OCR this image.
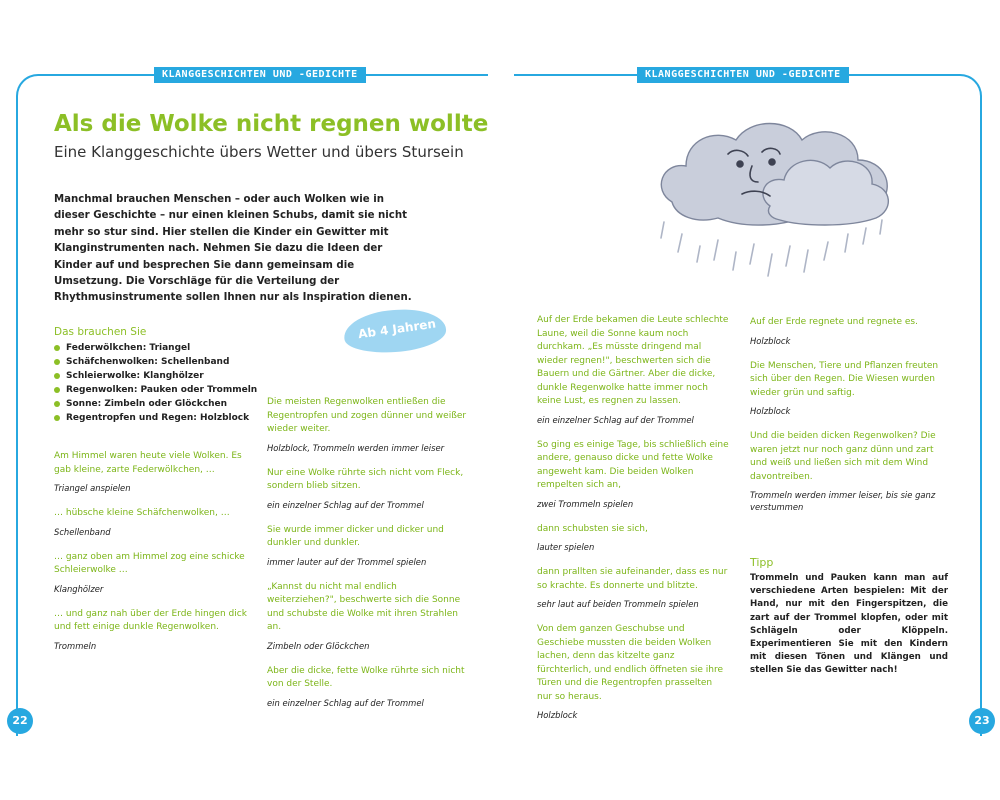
KLANGGESCHICHTEN UND -GEDICHTE	KLANGGESCHICHTEN UND -GEDICHTE
22	23
Als die Wolke nicht regnen wollte
Eine Klanggeschichte übers Wetter und übers Stursein
Manchmal brauchen Menschen – oder auch Wolken wie in dieser Geschichte – nur einen kleinen Schubs, damit sie nicht mehr so stur sind. Hier stellen die Kinder ein Gewitter mit Klanginstrumenten nach. Nehmen Sie dazu die Ideen der Kinder auf und besprechen Sie dann gemeinsam die Umsetzung. Die Vorschläge für die Verteilung der Rhythmusinstrumente sollen Ihnen nur als Inspiration dienen.
Das brauchen Sie
Federwölkchen: Triangel
Schäfchenwolken: Schellenband
Schleierwolke: Klanghölzer
Regenwolken: Pauken oder Trommeln
Sonne: Zimbeln oder Glöckchen
Regentropfen und Regen: Holzblock
Ab 4 Jahren

Am Himmel waren heute viele Wolken. Es gab kleine, zarte Federwölkchen, …

Triangel anspielen

… hübsche kleine Schäfchenwolken, …

Schellenband

… ganz oben am Himmel zog eine schicke Schleierwolke …

Klanghölzer

… und ganz nah über der Erde hingen dick und fett einige dunkle Regenwolken.

Trommeln

Die meisten Regenwolken entließen die Regentropfen und zogen dünner und weißer wieder weiter.

Holzblock, Trommeln werden immer leiser

Nur eine Wolke rührte sich nicht vom Fleck, sondern blieb sitzen.

ein einzelner Schlag auf der Trommel

Sie wurde immer dicker und dicker und dunkler und dunkler.

immer lauter auf der Trommel spielen

„Kannst du nicht mal endlich weiterziehen?", beschwerte sich die Sonne und schubste die Wolke mit ihren Strahlen an.

Zimbeln oder Glöckchen

Aber die dicke, fette Wolke rührte sich nicht von der Stelle.

ein einzelner Schlag auf der Trommel

Auf der Erde bekamen die Leute schlechte Laune, weil die Sonne kaum noch durchkam. „Es müsste dringend mal wieder regnen!", beschwerten sich die Bauern und die Gärtner. Aber die dicke, dunkle Regenwolke hatte immer noch keine Lust, es regnen zu lassen.

ein einzelner Schlag auf der Trommel

So ging es einige Tage, bis schließlich eine andere, genauso dicke und fette Wolke angeweht kam. Die beiden Wolken rempelten sich an,

zwei Trommeln spielen

dann schubsten sie sich,

lauter spielen

dann prallten sie aufeinander, dass es nur so krachte. Es donnerte und blitzte.

sehr laut auf beiden Trommeln spielen

Von dem ganzen Geschubse und Geschiebe mussten die beiden Wolken lachen, denn das kitzelte ganz fürchterlich, und endlich öffneten sie ihre Türen und die Regentropfen prasselten nur so heraus.

Holzblock

Auf der Erde regnete und regnete es.

Holzblock

Die Menschen, Tiere und Pflanzen freuten sich über den Regen. Die Wiesen wurden wieder grün und saftig.

Holzblock

Und die beiden dicken Regenwolken? Die waren jetzt nur noch ganz dünn und zart und weiß und ließen sich mit dem Wind davontreiben.

Trommeln werden immer leiser, bis sie ganz verstummen

Tipp
Trommeln und Pauken kann man auf verschiedene Arten bespielen: Mit der Hand, nur mit den Fingerspitzen, die zart auf der Trommel klopfen, oder mit Schlägeln oder Klöppeln. Experimentieren Sie mit den Kindern mit diesen Tönen und Klängen und stellen Sie das Gewitter nach!
